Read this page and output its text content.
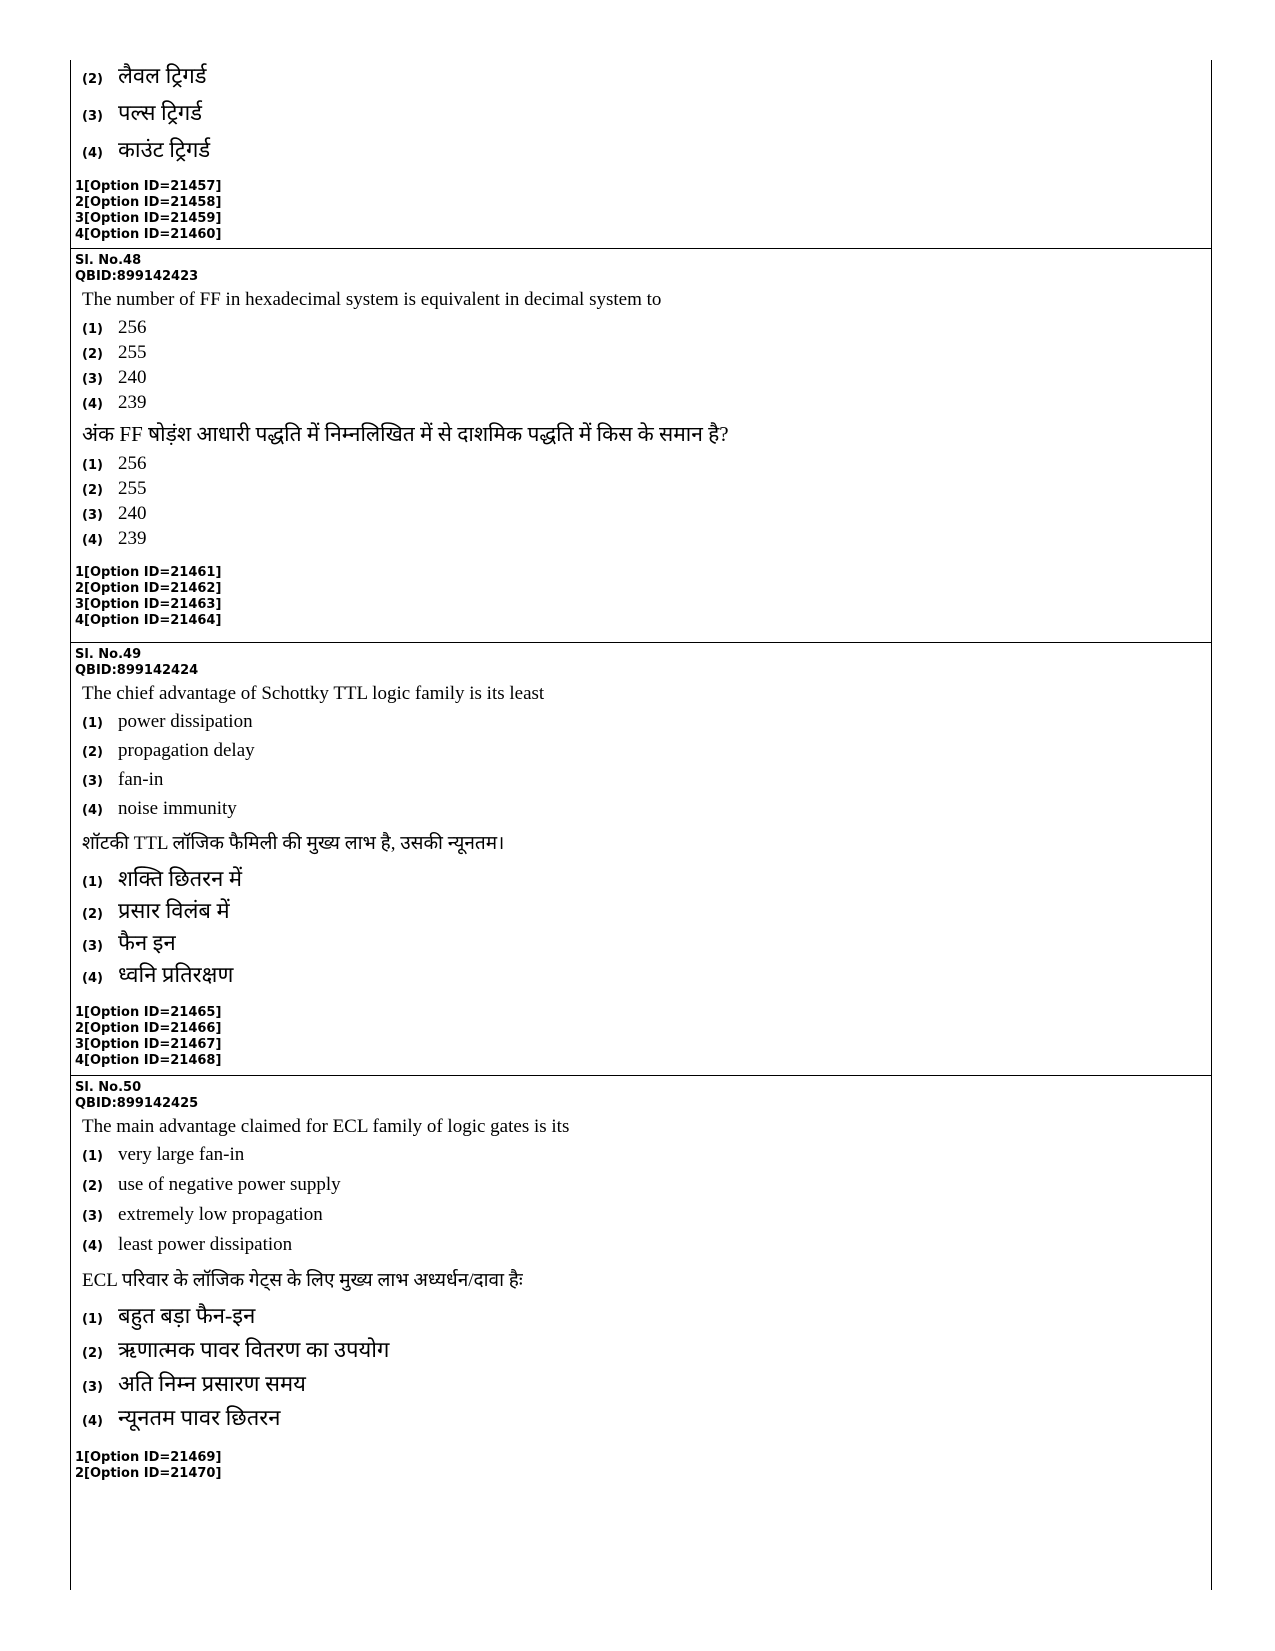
(2) लैवल ट्रिगर्ड
(3) पल्स ट्रिगर्ड
(4) काउंट ट्रिगर्ड
1[Option ID=21457]
2[Option ID=21458]
3[Option ID=21459]
4[Option ID=21460]
Sl. No.48
QBID:899142423
The number of FF in hexadecimal system is equivalent in decimal system to
(1) 256
(2) 255
(3) 240
(4) 239
अंक FF षोड़ंश आधारी पद्धति में निम्नलिखित में से दाशमिक पद्धति में किस के समान है?
(1) 256
(2) 255
(3) 240
(4) 239
1[Option ID=21461]
2[Option ID=21462]
3[Option ID=21463]
4[Option ID=21464]
Sl. No.49
QBID:899142424
The chief advantage of Schottky TTL logic family is its least
(1) power dissipation
(2) propagation delay
(3) fan-in
(4) noise immunity
शॉटकी TTL लॉजिक फैमिली की मुख्य लाभ है, उसकी न्यूनतम।
(1) शक्ति छितरन में
(2) प्रसार विलंब में
(3) फैन इन
(4) ध्वनि प्रतिरक्षण
1[Option ID=21465]
2[Option ID=21466]
3[Option ID=21467]
4[Option ID=21468]
Sl. No.50
QBID:899142425
The main advantage claimed for ECL family of logic gates is its
(1) very large fan-in
(2) use of negative power supply
(3) extremely low propagation
(4) least power dissipation
ECL परिवार के लॉजिक गेट्स के लिए मुख्य लाभ अध्यर्धन/दावा हैः
(1) बहुत बड़ा फैन-इन
(2) ऋणात्मक पावर वितरण का उपयोग
(3) अति निम्न प्रसारण समय
(4) न्यूनतम पावर छितरन
1[Option ID=21469]
2[Option ID=21470]
